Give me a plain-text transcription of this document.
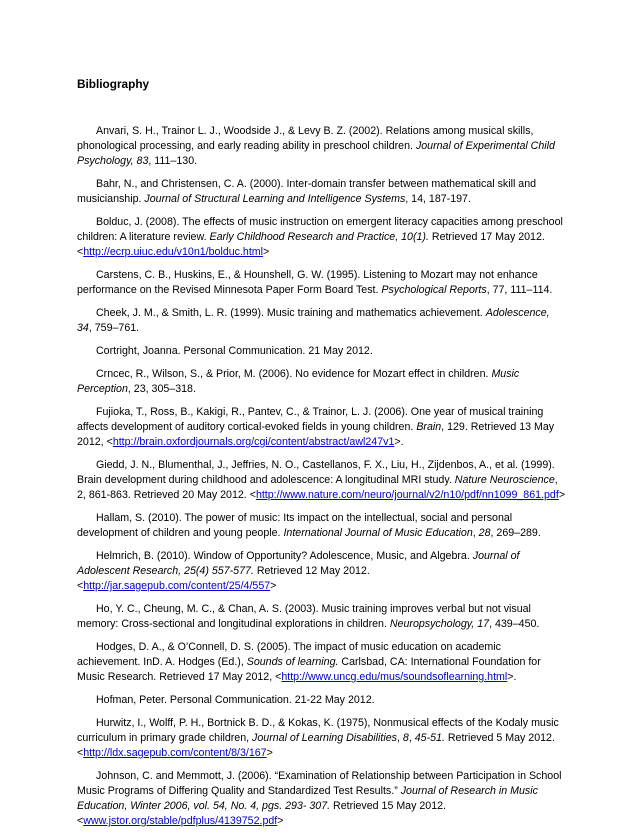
Bibliography
Anvari, S. H., Trainor L. J., Woodside J., & Levy B. Z. (2002). Relations among musical skills, phonological processing, and early reading ability in preschool children. Journal of Experimental Child Psychology, 83, 111–130.
Bahr, N., and Christensen, C. A. (2000). Inter-domain transfer between mathematical skill and musicianship. Journal of Structural Learning and Intelligence Systems, 14, 187-197.
Bolduc, J. (2008). The effects of music instruction on emergent literacy capacities among preschool children: A literature review. Early Childhood Research and Practice, 10(1). Retrieved 17 May 2012. <http://ecrp.uiuc.edu/v10n1/bolduc.html>
Carstens, C. B., Huskins, E., & Hounshell, G. W. (1995). Listening to Mozart may not enhance performance on the Revised Minnesota Paper Form Board Test. Psychological Reports, 77, 111–114.
Cheek, J. M., & Smith, L. R. (1999). Music training and mathematics achievement. Adolescence, 34, 759–761.
Cortright, Joanna. Personal Communication. 21 May 2012.
Crncec, R., Wilson, S., & Prior, M. (2006). No evidence for Mozart effect in children. Music Perception, 23, 305–318.
Fujioka, T., Ross, B., Kakigi, R., Pantev, C., & Trainor, L. J. (2006). One year of musical training affects development of auditory cortical-evoked fields in young children. Brain, 129. Retrieved 13 May 2012, <http://brain.oxfordjournals.org/cgi/content/abstract/awl247v1>.
Giedd, J. N., Blumenthal, J., Jeffries, N. O., Castellanos, F. X., Liu, H., Zijdenbos, A., et al. (1999). Brain development during childhood and adolescence: A longitudinal MRI study. Nature Neuroscience, 2, 861-863. Retrieved 20 May 2012. <http://www.nature.com/neuro/journal/v2/n10/pdf/nn1099_861.pdf>
Hallam, S. (2010). The power of music: Its impact on the intellectual, social and personal development of children and young people. International Journal of Music Education, 28, 269–289.
Helmrich, B. (2010). Window of Opportunity? Adolescence, Music, and Algebra. Journal of Adolescent Research, 25(4) 557-577. Retrieved 12 May 2012. <http://jar.sagepub.com/content/25/4/557>
Ho, Y. C., Cheung, M. C., & Chan, A. S. (2003). Music training improves verbal but not visual memory: Cross-sectional and longitudinal explorations in children. Neuropsychology, 17, 439–450.
Hodges, D. A., & O’Connell, D. S. (2005). The impact of music education on academic achievement. InD. A. Hodges (Ed.), Sounds of learning. Carlsbad, CA: International Foundation for Music Research. Retrieved 17 May 2012, <http://www.uncg.edu/mus/soundsoflearning.html>.
Hofman, Peter. Personal Communication. 21-22 May 2012.
Hurwitz, I., Wolff, P. H., Bortnick B. D., & Kokas, K. (1975), Nonmusical effects of the Kodaly music curriculum in primary grade children, Journal of Learning Disabilities, 8, 45-51. Retrieved 5 May 2012. <http://ldx.sagepub.com/content/8/3/167>
Johnson, C. and Memmott, J. (2006). “Examination of Relationship between Participation in School Music Programs of Differing Quality and Standardized Test Results.” Journal of Research in Music Education, Winter 2006, vol. 54, No. 4, pgs. 293- 307. Retrieved 15 May 2012. <www.jstor.org/stable/pdfplus/4139752.pdf>
